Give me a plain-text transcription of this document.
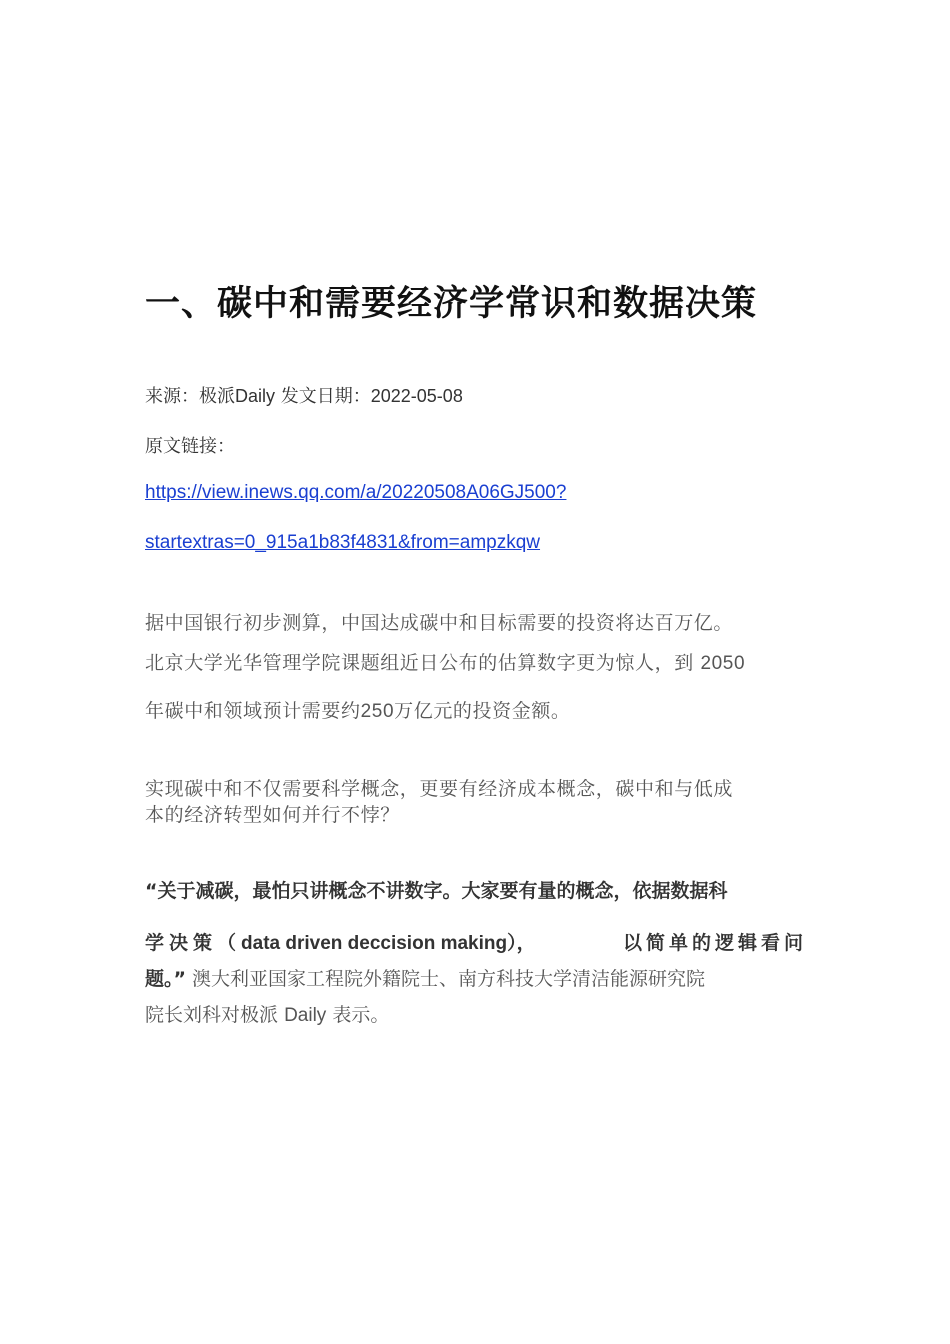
一、碳中和需要经济学常识和数据决策
来源：极派Daily 发文日期：2022-05-08
原文链接：
https://view.inews.qq.com/a/20220508A06GJ500?
startextras=0_915a1b83f4831&from=ampzkqw
据中国银行初步测算，中国达成碳中和目标需要的投资将达百万亿。
北京大学光华管理学院课题组近日公布的估算数字更为惊人，到 2050
年碳中和领域预计需要约250万亿元的投资金额。
实现碳中和不仅需要科学概念，更要有经济成本概念，碳中和与低成
本的经济转型如何并行不悖？
“关于减碳，最怕只讲概念不讲数字。大家要有量的概念，依据数据科
学决策（data driven deccision making），	以简单的逻辑看问
题。” 澳大利亚国家工程院外籍院士、南方科技大学清洁能源研究院
院长刘科对极派 Daily 表示。
